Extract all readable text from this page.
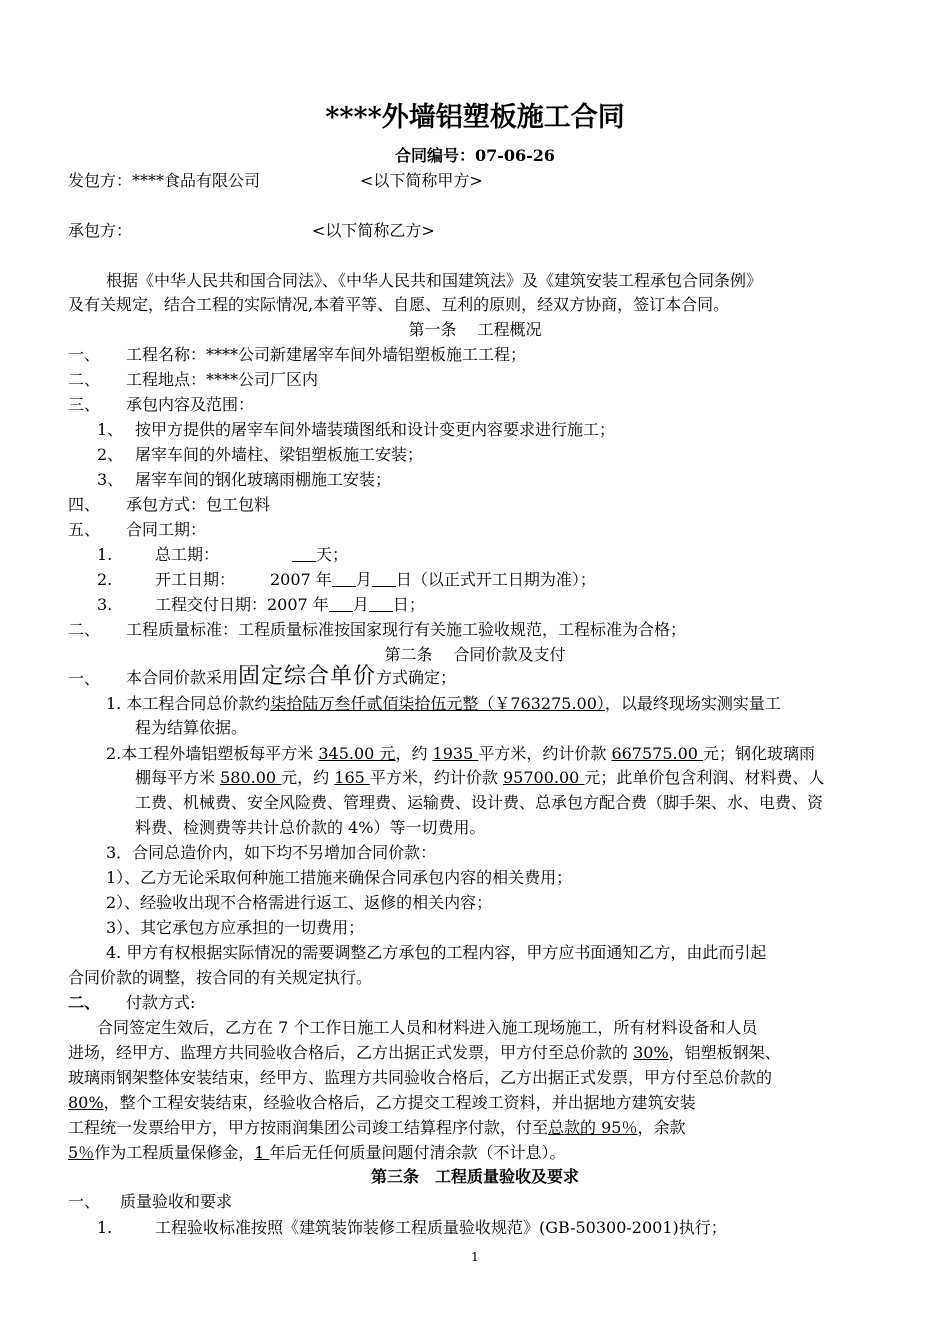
****外墙铝塑板施工合同
合同编号：07-06-26
发包方：****食品有限公司	<以下简称甲方>
承包方：	<以下简称乙方>
根据《中华人民共和国合同法》、《中华人民共和国建筑法》及《建筑安装工程承包合同条例》
及有关规定，结合工程的实际情况,本着平等、自愿、互利的原则，经双方协商，签订本合同。
第一条　 工程概况
一、 工程名称：****公司新建屠宰车间外墙铝塑板施工工程；
二、 工程地点：****公司厂区内
三、 承包内容及范围：
1、 按甲方提供的屠宰车间外墙装璜图纸和设计变更内容要求进行施工；
2、 屠宰车间的外墙柱、梁铝塑板施工安装；
3、 屠宰车间的钢化玻璃雨棚施工安装；
四、 承包方式：包工包料
五、 合同工期：
1.	总工期：	天；
2.	开工日期： 2007 年 月 日（以正式开工日期为准）；
3.	工程交付日期：2007 年 月 日；
二、 工程质量标准：工程质量标准按国家现行有关施工验收规范，工程标准为合格；
第二条　 合同价款及支付
一、 本合同价款采用固定综合单价方式确定；
1. 本工程合同总价款约柒拾陆万叁仟贰佰柒拾伍元整（￥763275.00），以最终现场实测实量工
程为结算依据。
2.本工程外墙铝塑板每平方米 345.00 元，约 1935 平方米，约计价款 667575.00 元；钢化玻璃雨
棚每平方米 580.00 元，约 165 平方米，约计价款 95700.00 元；此单价包含利润、材料费、人
工费、机械费、安全风险费、管理费、运输费、设计费、总承包方配合费（脚手架、水、电费、资
料费、检测费等共计总价款的 4%）等一切费用。
3．合同总造价内，如下均不另增加合同价款：
1）、乙方无论采取何种施工措施来确保合同承包内容的相关费用；
2）、经验收出现不合格需进行返工、返修的相关内容；
3）、其它承包方应承担的一切费用；
4. 甲方有权根据实际情况的需要调整乙方承包的工程内容，甲方应书面通知乙方，由此而引起
合同价款的调整，按合同的有关规定执行。
二、 付款方式:
合同签定生效后，乙方在 7 个工作日施工人员和材料进入施工现场施工，所有材料设备和人员
进场，经甲方、监理方共同验收合格后，乙方出据正式发票，甲方付至总价款的 30%，铝塑板钢架、
玻璃雨钢架整体安装结束，经甲方、监理方共同验收合格后，乙方出据正式发票，甲方付至总价款的
80%，整个工程安装结束，经验收合格后，乙方提交工程竣工资料，并出据地方建筑安装
工程统一发票给甲方，甲方按雨润集团公司竣工结算程序付款，付至总款的 95％，余款
5％作为工程质量保修金，1 年后无任何质量问题付清余款（不计息）。
第三条　工程质量验收及要求
一、 质量验收和要求
1.	工程验收标准按照《建筑装饰装修工程质量验收规范》(GB-50300-2001)执行；
1
